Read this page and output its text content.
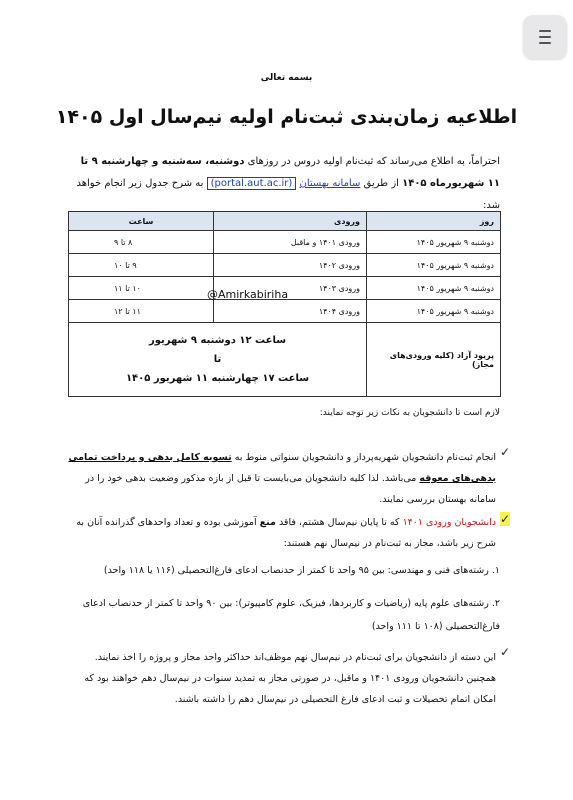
بسمه تعالی
اطلاعیه زمان‌بندی ثبت‌نام اولیه نیم‌سال اول ۱۴۰۵
احتراماً، به اطلاع می‌رساند که ثبت‌نام اولیه دروس در روزهای دوشنبه، سه‌شنبه و چهارشنبه ۹ تا ۱۱ شهریورماه ۱۴۰۵ از طریق سامانه بهستان (portal.aut.ac.ir) به شرح جدول زیر انجام خواهد شد:
روز	ورودی	ساعت
دوشنبه ۹ شهریور ۱۴۰۵	ورودی ۱۴۰۱ و ماقبل	۸ تا ۹
دوشنبه ۹ شهریور ۱۴۰۵	ورودی ۱۴۰۲	۹ تا ۱۰
دوشنبه ۹ شهریور ۱۴۰۵	ورودی ۱۴۰۳	۱۰ تا ۱۱
دوشنبه ۹ شهریور ۱۴۰۵	ورودی ۱۴۰۴	۱۱ تا ۱۲
پریود آزاد (کلیه ورودی‌های مجاز)	ساعت ۱۲ دوشنبه ۹ شهریور
تا
ساعت ۱۷ چهارشنبه ۱۱ شهریور ۱۴۰۵	
@Amirkabiriha
لازم است تا دانشجویان به نکات زیر توجه نمایند:
✓
انجام ثبت‌نام دانشجویان شهریه‌پرداز و دانشجویان سنواتی منوط به تسویه کامل بدهی و پرداخت تمامی بدهی‌های معوقه می‌باشد. لذا کلیه دانشجویان می‌بایست تا قبل از بازه مذکور وضعیت بدهی خود را در سامانه بهستان بررسی نمایند.
✓
دانشجویان ورودی ۱۴۰۱ که تا پایان نیم‌سال هشتم، فاقد منع آموزشی بوده و تعداد واحدهای گذرانده آنان به شرح زیر باشد، مجاز به ثبت‌نام در نیم‌سال نهم هستند:
۱. رشته‌های فنی و مهندسی: بین ۹۵ واحد تا کمتر از حدنصاب ادعای فارغ‌التحصیلی (۱۱۶ یا ۱۱۸ واحد)
۲. رشته‌های علوم پایه (ریاضیات و کاربردها، فیزیک، علوم کامپیوتر): بین ۹۰ واحد تا کمتر از حدنصاب ادعای فارغ‌التحصیلی (۱۰۸ تا ۱۱۱ واحد)
✓
این دسته از دانشجویان برای ثبت‌نام در نیم‌سال نهم موظف‌اند حداکثر واحد مجاز و پروژه را اخذ نمایند. همچنین دانشجویان ورودی ۱۴۰۱ و ماقبل، در صورتی مجاز به تمدید سنوات در نیم‌سال دهم خواهند بود که امکان اتمام تحصیلات و ثبت ادعای فارغ التحصیلی در نیم‌سال دهم را داشته باشند.
